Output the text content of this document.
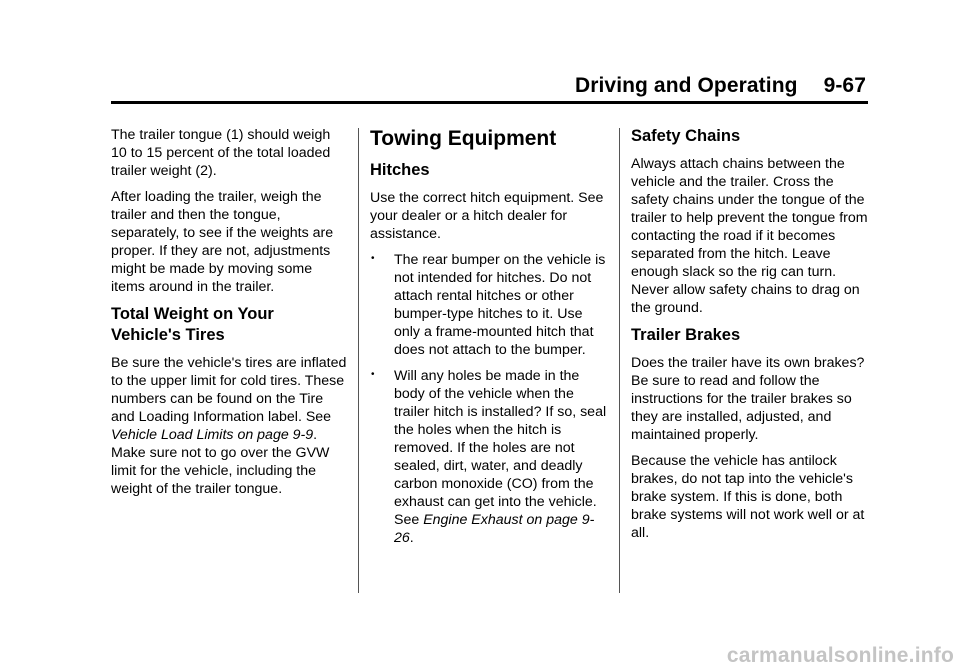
Driving and Operating 9-67

The trailer tongue (1) should weigh 10 to 15 percent of the total loaded trailer weight (2).

After loading the trailer, weigh the trailer and then the tongue, separately, to see if the weights are proper. If they are not, adjustments might be made by moving some items around in the trailer.

Total Weight on Your Vehicle's Tires

Be sure the vehicle's tires are inflated to the upper limit for cold tires. These numbers can be found on the Tire and Loading Information label. See Vehicle Load Limits on page 9-9. Make sure not to go over the GVW limit for the vehicle, including the weight of the trailer tongue.

Towing Equipment
Hitches

Use the correct hitch equipment. See your dealer or a hitch dealer for assistance.

• The rear bumper on the vehicle is not intended for hitches. Do not attach rental hitches or other bumper-type hitches to it. Use only a frame-mounted hitch that does not attach to the bumper.
• Will any holes be made in the body of the vehicle when the trailer hitch is installed? If so, seal the holes when the hitch is removed. If the holes are not sealed, dirt, water, and deadly carbon monoxide (CO) from the exhaust can get into the vehicle. See Engine Exhaust on page 9-26.
Safety Chains

Always attach chains between the vehicle and the trailer. Cross the safety chains under the tongue of the trailer to help prevent the tongue from contacting the road if it becomes separated from the hitch. Leave enough slack so the rig can turn. Never allow safety chains to drag on the ground.

Trailer Brakes

Does the trailer have its own brakes? Be sure to read and follow the instructions for the trailer brakes so they are installed, adjusted, and maintained properly.

Because the vehicle has antilock brakes, do not tap into the vehicle's brake system. If this is done, both brake systems will not work well or at all.

carmanualsonline.info
